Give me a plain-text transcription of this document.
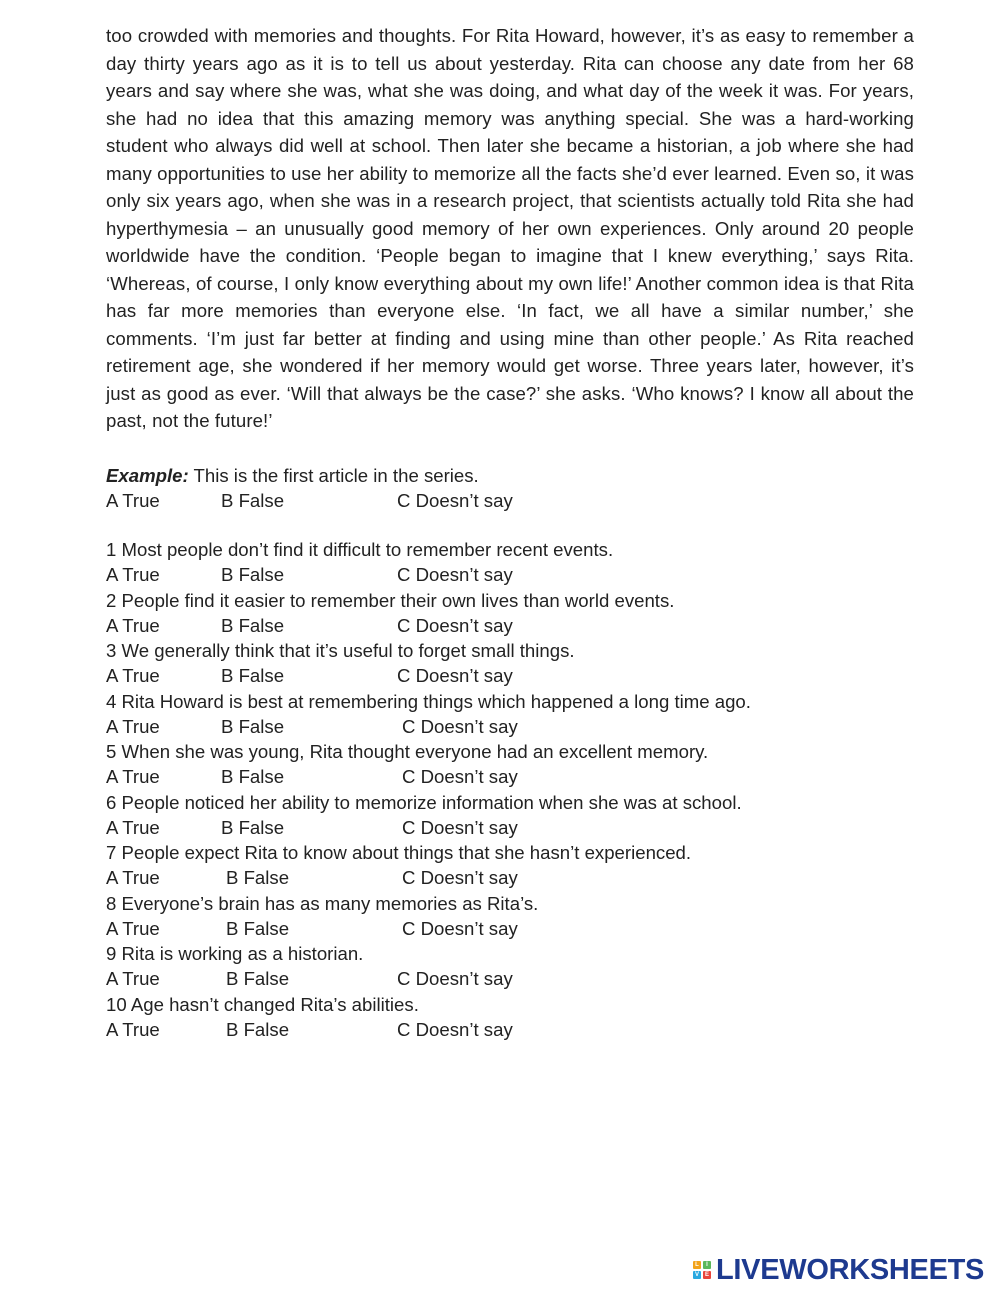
too crowded with memories and thoughts. For Rita Howard, however, it’s as easy to remember a day thirty years ago as it is to tell us about yesterday. Rita can choose any date from her 68 years and say where she was, what she was doing, and what day of the week it was. For years, she had no idea that this amazing memory was anything special. She was a hard-working student who always did well at school. Then later she became a historian, a job where she had many opportunities to use her ability to memorize all the facts she’d ever learned. Even so, it was only six years ago, when she was in a research project, that scientists actually told Rita she had hyperthymesia – an unusually good memory of her own experiences. Only around 20 people worldwide have the condition. ‘People began to imagine that I knew everything,’ says Rita. ‘Whereas, of course, I only know everything about my own life!’ Another common idea is that Rita has far more memories than everyone else. ‘In fact, we all have a similar number,’ she comments. ‘I’m just far better at finding and using mine than other people.’ As Rita reached retirement age, she wondered if her memory would get worse. Three years later, however, it’s just as good as ever. ‘Will that always be the case?’ she asks. ‘Who knows? I know all about the past, not the future!’

Example: This is the first article in the series.
A True	B False	C Doesn’t say
1 Most people don’t find it difficult to remember recent events.
A True	B False	C Doesn’t say
2 People find it easier to remember their own lives than world events.
A True	B False	C Doesn’t say
3 We generally think that it’s useful to forget small things.
A True	B False	C Doesn’t say
4 Rita Howard is best at remembering things which happened a long time ago.
A True	B False	C Doesn’t say
5 When she was young, Rita thought everyone had an excellent memory.
A True	B False	C Doesn’t say
6 People noticed her ability to memorize information when she was at school.
A True	B False	C Doesn’t say
7 People expect Rita to know about things that she hasn’t experienced.
A True	B False	C Doesn’t say
8 Everyone’s brain has as many memories as Rita’s.
A True	B False	C Doesn’t say
9 Rita is working as a historian.
A True	B False	C Doesn’t say
10 Age hasn’t changed Rita’s abilities.
A True	B False	C Doesn’t say
L	I
V E LIVEWORKSHEETS
